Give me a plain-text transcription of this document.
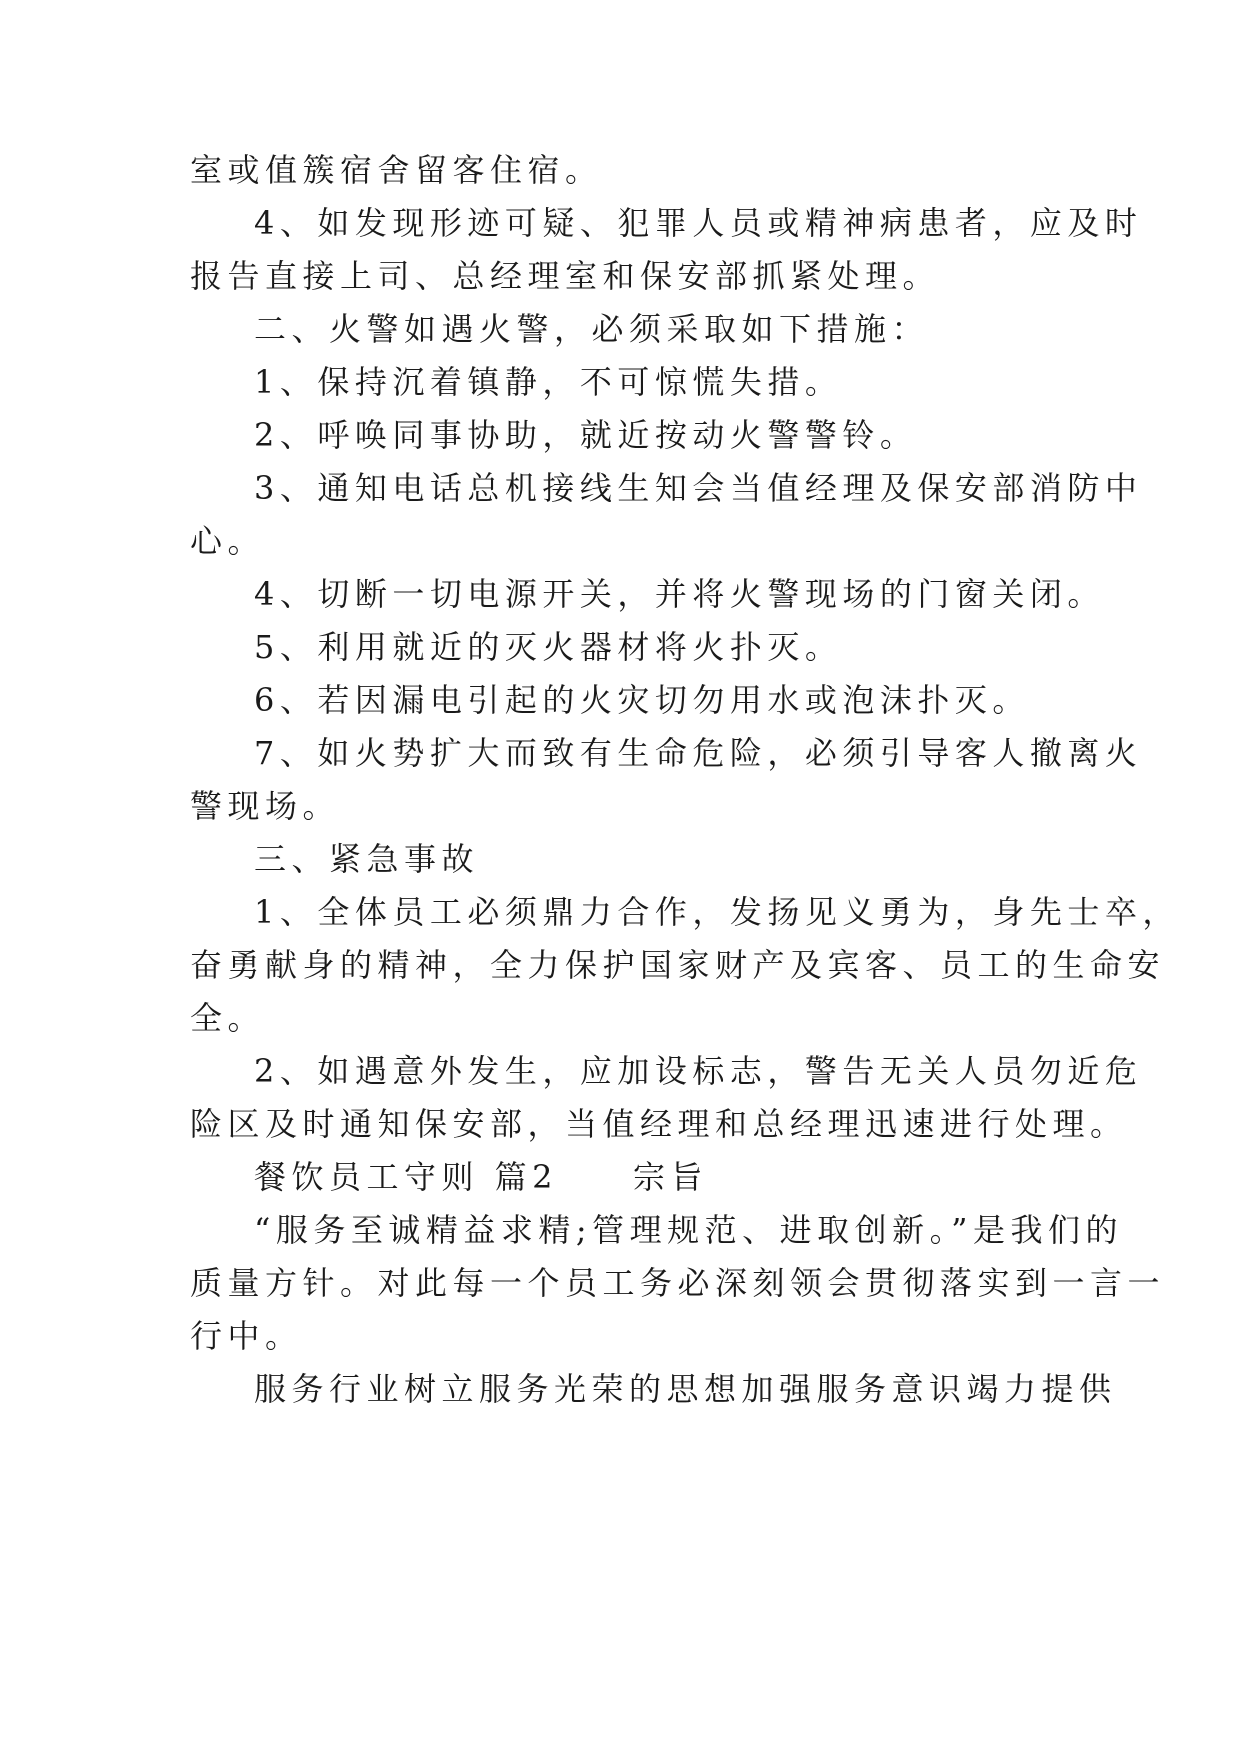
室或值簇宿舍留客住宿。
4、如发现形迹可疑、犯罪人员或精神病患者，应及时
报告直接上司、总经理室和保安部抓紧处理。
二、火警如遇火警，必须采取如下措施：
1、保持沉着镇静，不可惊慌失措。
2、呼唤同事协助，就近按动火警警铃。
3、通知电话总机接线生知会当值经理及保安部消防中
心。
4、切断一切电源开关，并将火警现场的门窗关闭。
5、利用就近的灭火器材将火扑灭。
6、若因漏电引起的火灾切勿用水或泡沫扑灭。
7、如火势扩大而致有生命危险，必须引导客人撤离火
警现场。
三、紧急事故
1、全体员工必须鼎力合作，发扬见义勇为，身先士卒，
奋勇献身的精神，全力保护国家财产及宾客、员工的生命安
全。
2、如遇意外发生，应加设标志，警告无关人员勿近危
险区及时通知保安部，当值经理和总经理迅速进行处理。
餐饮员工守则 篇2　　宗旨
“服务至诚精益求精;管理规范、进取创新。”是我们的
质量方针。对此每一个员工务必深刻领会贯彻落实到一言一
行中。
服务行业树立服务光荣的思想加强服务意识竭力提供
